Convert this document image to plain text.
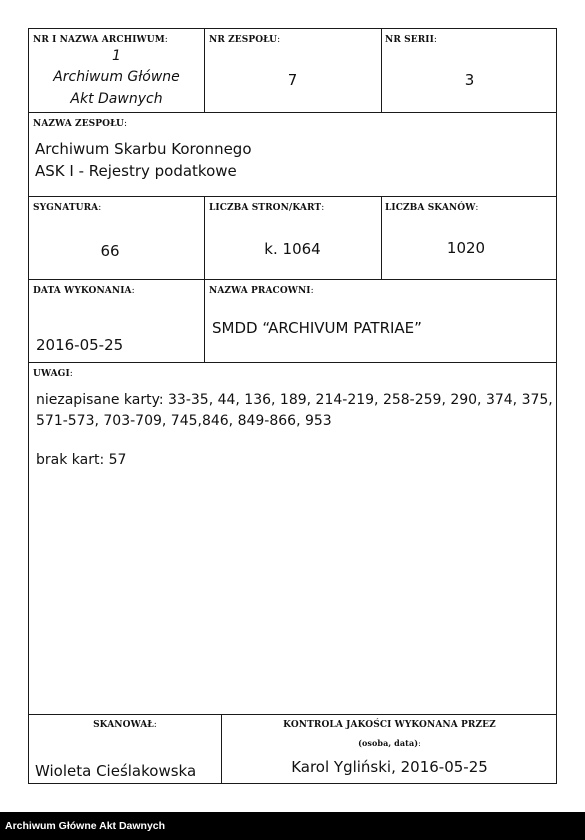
NR I NAZWA ARCHIWUM:
1
Archiwum Główne
Akt Dawnych
NR ZESPOŁU:
7
NR SERII:
3
NAZWA ZESPOŁU:
Archiwum Skarbu Koronnego
ASK I - Rejestry podatkowe
SYGNATURA:
66
LICZBA STRON/KART:
k. 1064
LICZBA SKANÓW:
1020
DATA WYKONANIA:
2016-05-25
NAZWA PRACOWNI:
SMDD “ARCHIVUM PATRIAE”
UWAGI:
niezapisane karty: 33-35, 44, 136, 189, 214-219, 258-259, 290, 374, 375,
571-573, 703-709, 745,846, 849-866, 953
brak kart: 57
SKANOWAŁ:
Wioleta Cieślakowska
KONTROLA JAKOŚCI WYKONANA PRZEZ
(osoba, data):
Karol Ygliński, 2016-05-25
Archiwum Główne Akt Dawnych
